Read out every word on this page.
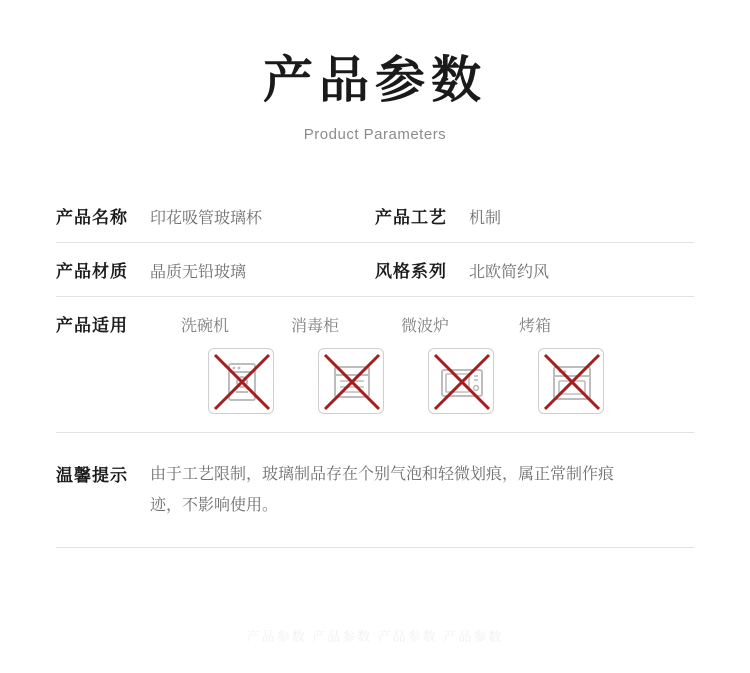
产品参数
Product Parameters
产品名称 印花吸管玻璃杯	产品工艺 机制
产品材质 晶质无铅玻璃	风格系列 北欧简约风
产品适用	洗碗机	消毒柜	微波炉	烤箱
温馨提示 由于工艺限制，玻璃制品存在个别气泡和轻微划痕，属正常制作痕迹，不影响使用。
产品参数 产品参数 产品参数 产品参数
